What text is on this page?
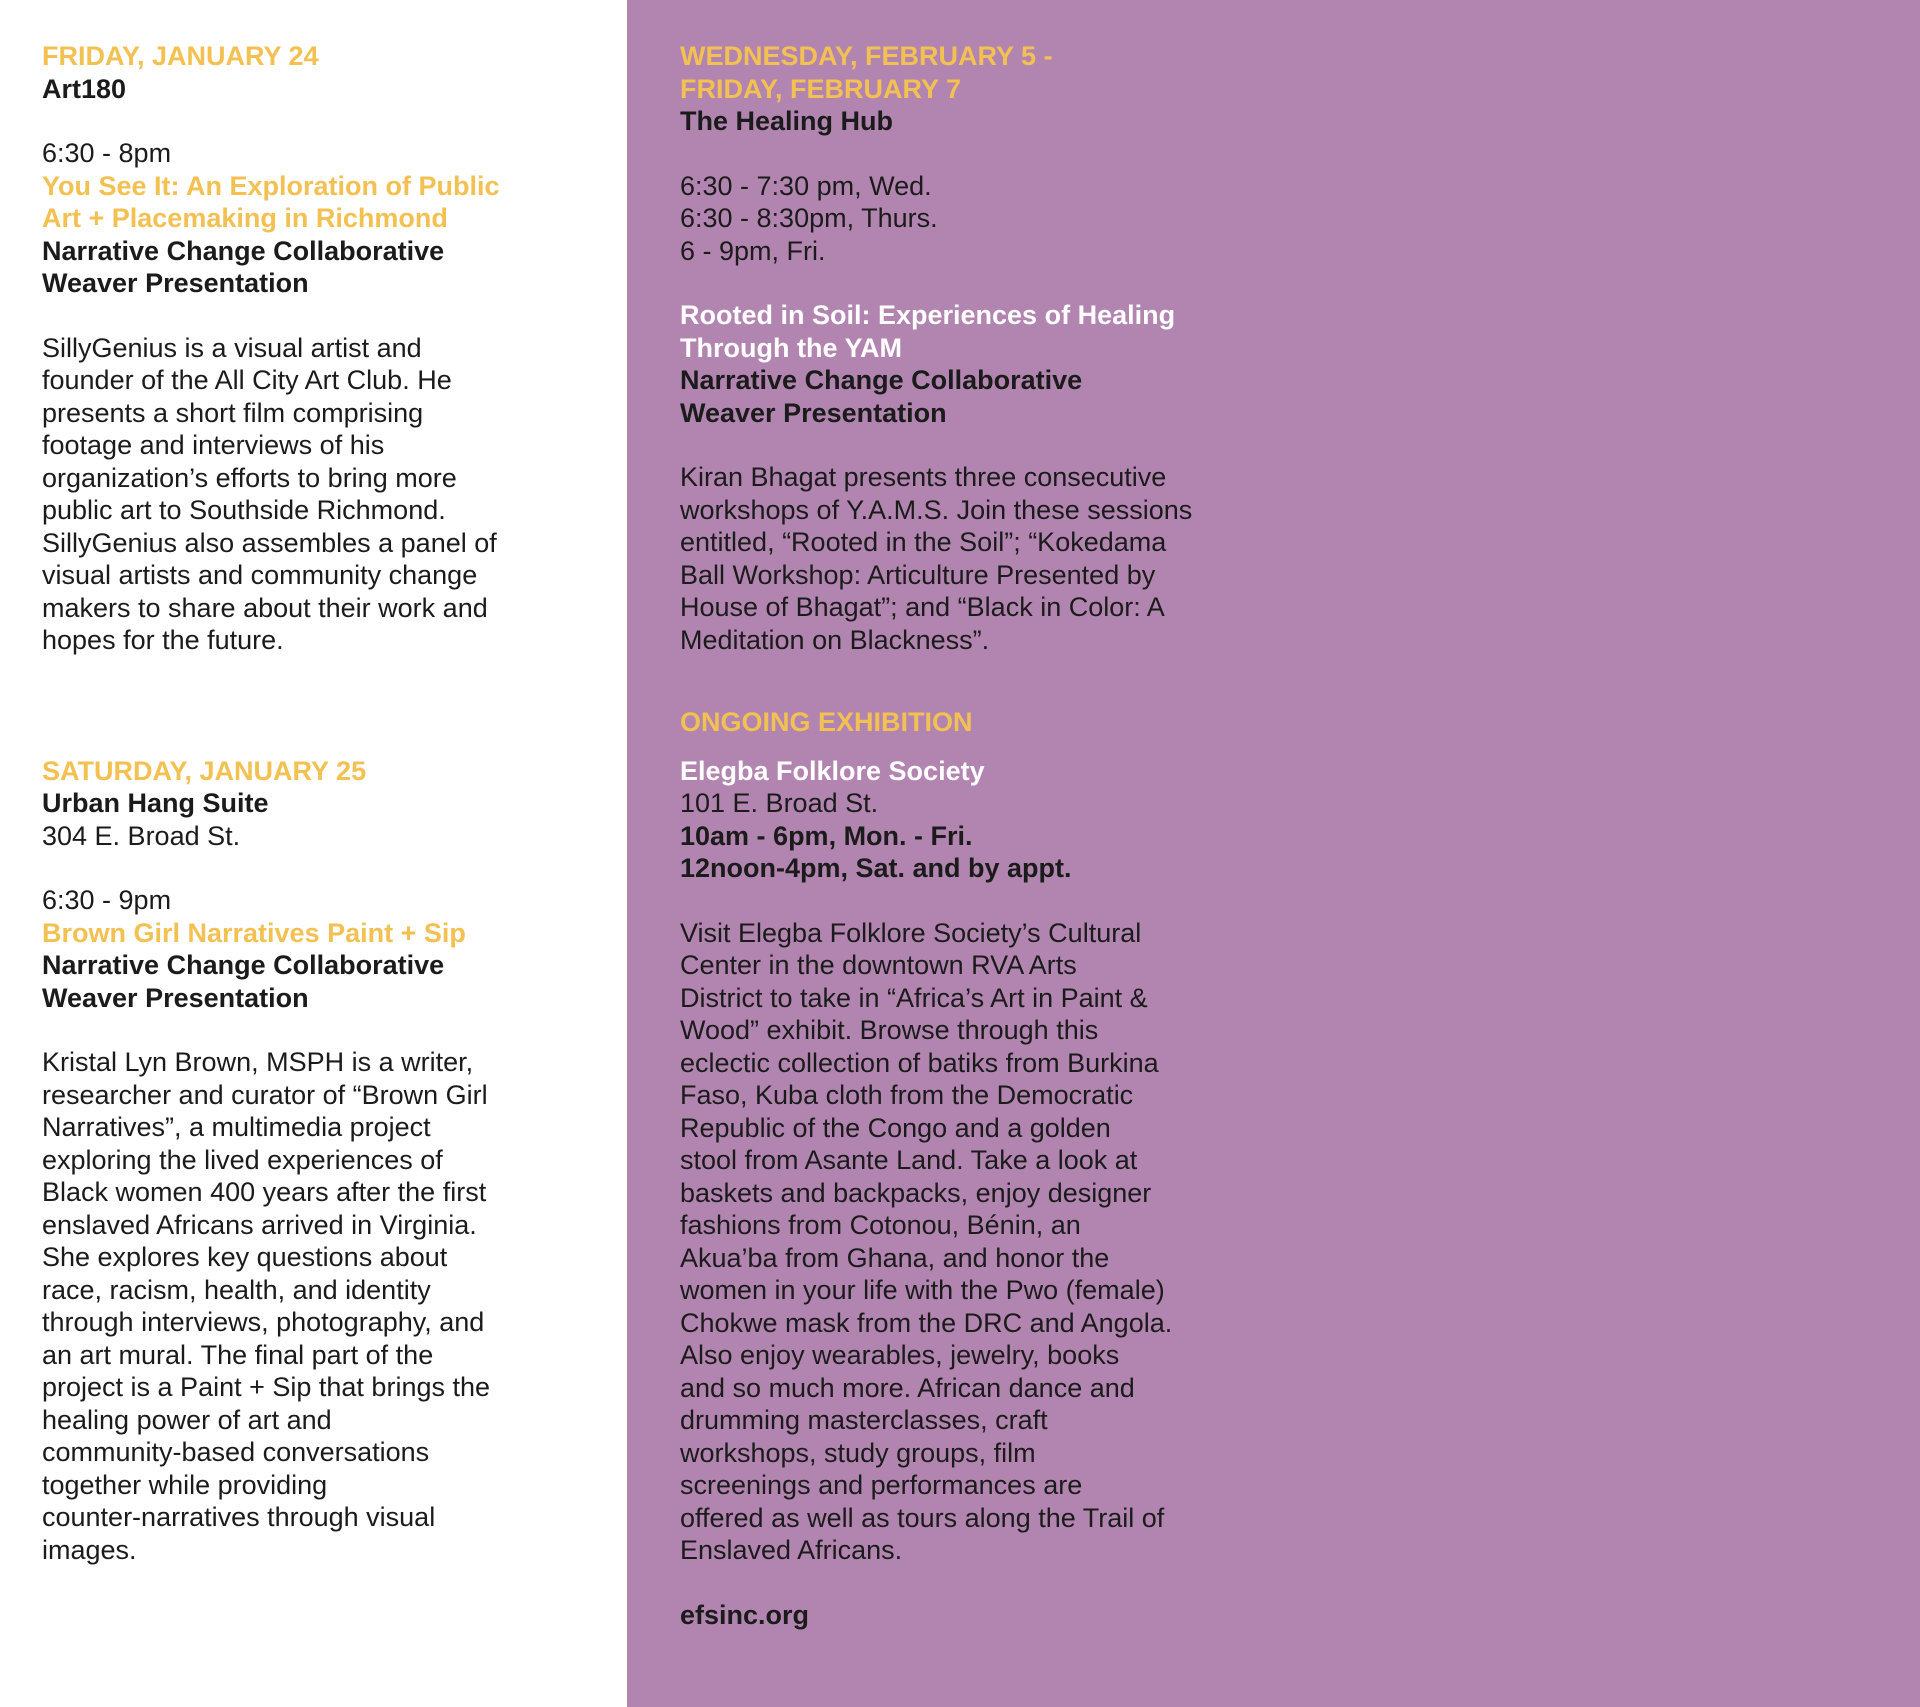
FRIDAY, JANUARY 24
Art180
6:30 - 8pm
You See It: An Exploration of Public
Art + Placemaking in Richmond
Narrative Change Collaborative
Weaver Presentation
SillyGenius is a visual artist and
founder of the All City Art Club. He
presents a short film comprising
footage and interviews of his
organization’s efforts to bring more
public art to Southside Richmond.
SillyGenius also assembles a panel of
visual artists and community change
makers to share about their work and
hopes for the future.
SATURDAY, JANUARY 25
Urban Hang Suite
304 E. Broad St.
6:30 - 9pm
Brown Girl Narratives Paint + Sip
Narrative Change Collaborative
Weaver Presentation
Kristal Lyn Brown, MSPH is a writer,
researcher and curator of “Brown Girl
Narratives”, a multimedia project
exploring the lived experiences of
Black women 400 years after the first
enslaved Africans arrived in Virginia.
She explores key questions about
race, racism, health, and identity
through interviews, photography, and
an art mural. The final part of the
project is a Paint + Sip that brings the
healing power of art and
community-based conversations
together while providing
counter-narratives through visual
images.
WEDNESDAY, FEBRUARY 5 -
FRIDAY, FEBRUARY 7
The Healing Hub
6:30 - 7:30 pm, Wed.
6:30 - 8:30pm, Thurs.
6 - 9pm, Fri.
Rooted in Soil: Experiences of Healing
Through the YAM
Narrative Change Collaborative
Weaver Presentation
Kiran Bhagat presents three consecutive
workshops of Y.A.M.S. Join these sessions
entitled, “Rooted in the Soil”; “Kokedama
Ball Workshop: Articulture Presented by
House of Bhagat”; and “Black in Color: A
Meditation on Blackness”.
ONGOING EXHIBITION
Elegba Folklore Society
101 E. Broad St.
10am - 6pm, Mon. - Fri.
12noon-4pm, Sat. and by appt.
Visit Elegba Folklore Society’s Cultural
Center in the downtown RVA Arts
District to take in “Africa’s Art in Paint &
Wood” exhibit. Browse through this
eclectic collection of batiks from Burkina
Faso, Kuba cloth from the Democratic
Republic of the Congo and a golden
stool from Asante Land. Take a look at
baskets and backpacks, enjoy designer
fashions from Cotonou, Bénin, an
Akua’ba from Ghana, and honor the
women in your life with the Pwo (female)
Chokwe mask from the DRC and Angola.
Also enjoy wearables, jewelry, books
and so much more. African dance and
drumming masterclasses, craft
workshops, study groups, film
screenings and performances are
offered as well as tours along the Trail of
Enslaved Africans.
efsinc.org
